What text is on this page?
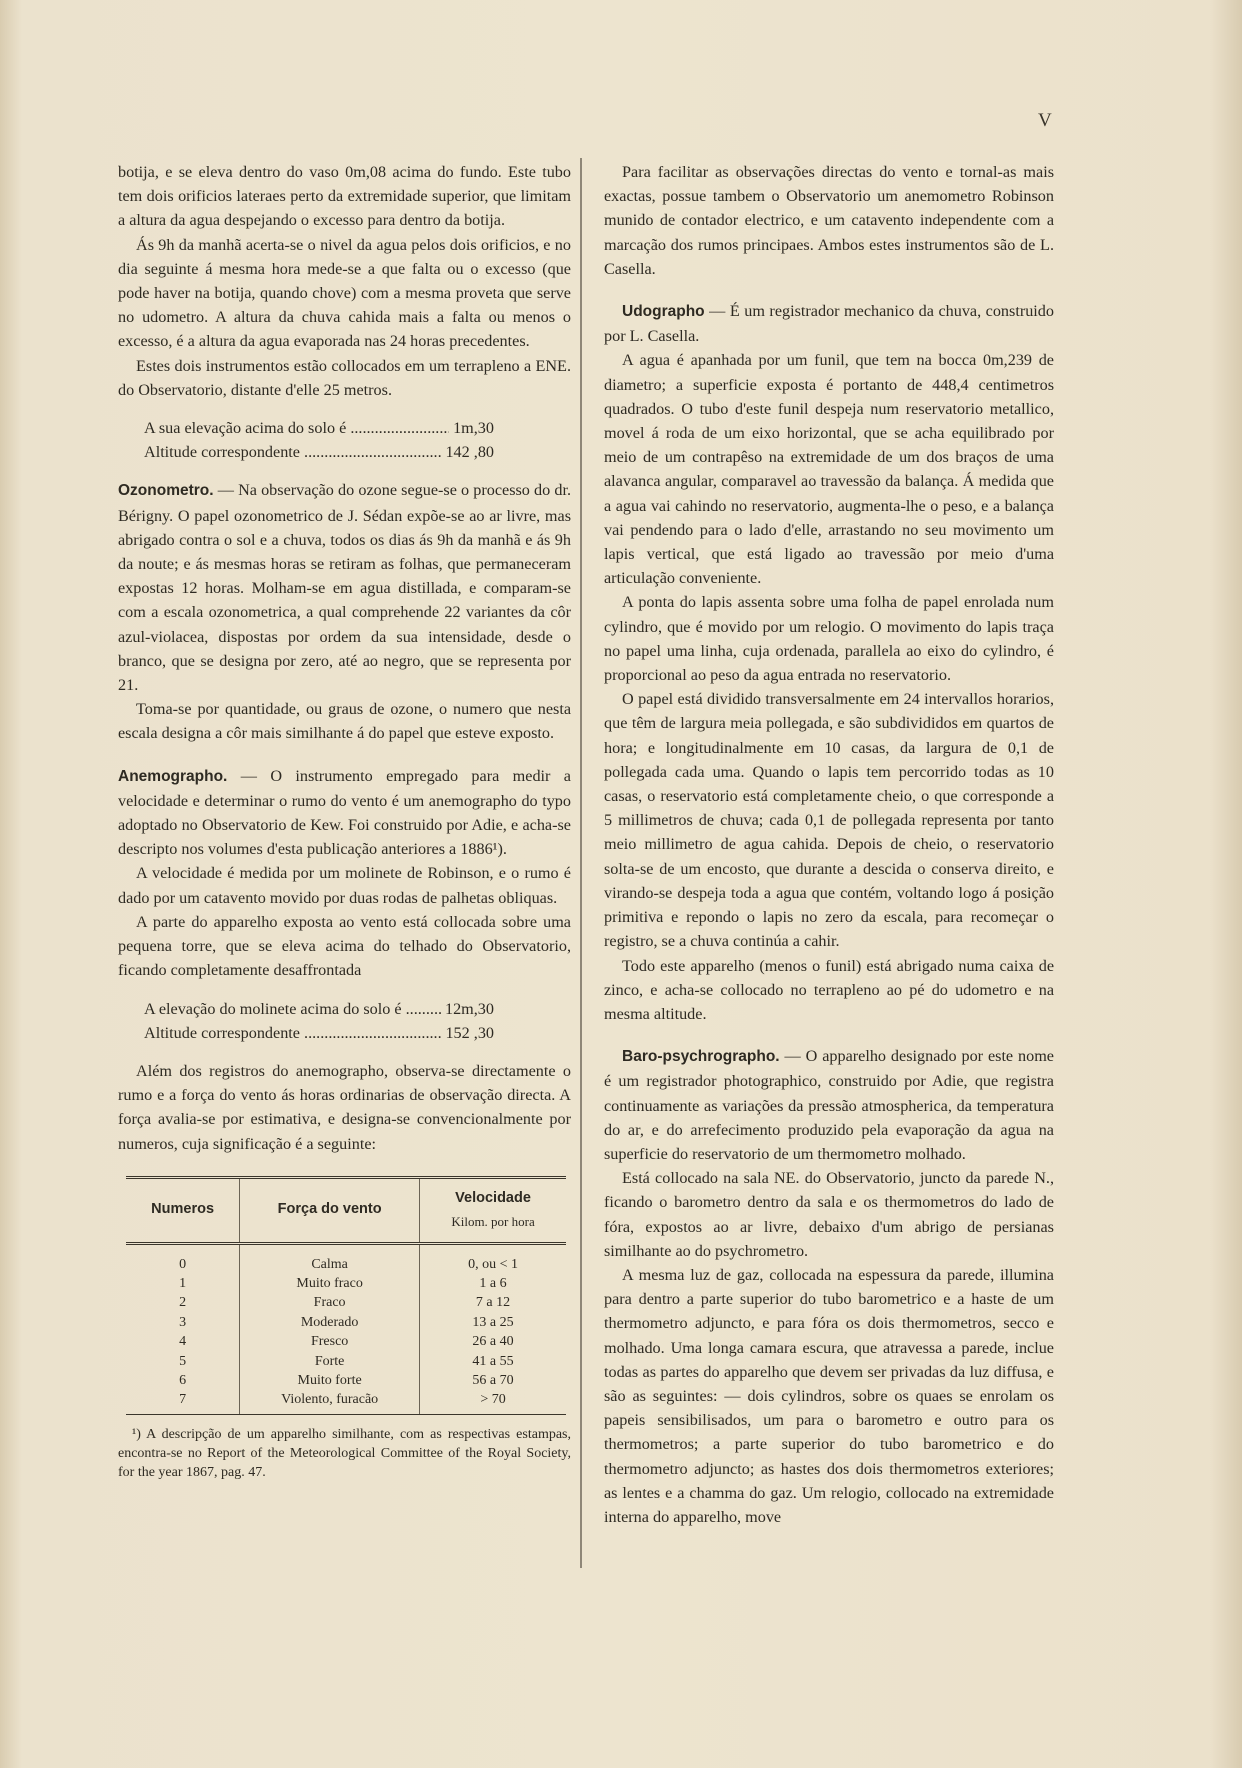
V

botija, e se eleva dentro do vaso 0m,08 acima do fundo. Este tubo tem dois orificios lateraes perto da extremidade superior, que limitam a altura da agua despejando o excesso para dentro da botija.

Ás 9h da manhã acerta-se o nivel da agua pelos dois orificios, e no dia seguinte á mesma hora mede-se a que falta ou o excesso (que pode haver na botija, quando chove) com a mesma proveta que serve no udometro. A altura da chuva cahida mais a falta ou menos o excesso, é a altura da agua evaporada nas 24 horas precedentes.

Estes dois instrumentos estão collocados em um terrapleno a ENE. do Observatorio, distante d'elle 25 metros.

A sua elevação acima do solo é .....	1m,30
Altitude correspondente .....	142 ,80

Ozonometro. — Na observação do ozone segue-se o processo do dr. Bérigny. O papel ozonometrico de J. Sédan expõe-se ao ar livre, mas abrigado contra o sol e a chuva, todos os dias ás 9h da manhã e ás 9h da noute; e ás mesmas horas se retiram as folhas, que permaneceram expostas 12 horas. Molham-se em agua distillada, e comparam-se com a escala ozonometrica, a qual comprehende 22 variantes da côr azul-violacea, dispostas por ordem da sua intensidade, desde o branco, que se designa por zero, até ao negro, que se representa por 21.

Toma-se por quantidade, ou graus de ozone, o numero que nesta escala designa a côr mais similhante á do papel que esteve exposto.

Anemographo. — O instrumento empregado para medir a velocidade e determinar o rumo do vento é um anemographo do typo adoptado no Observatorio de Kew. Foi construido por Adie, e acha-se descripto nos volumes d'esta publicação anteriores a 1886¹).

A velocidade é medida por um molinete de Robinson, e o rumo é dado por um catavento movido por duas rodas de palhetas obliquas.

A parte do apparelho exposta ao vento está collocada sobre uma pequena torre, que se eleva acima do telhado do Observatorio, ficando completamente desaffrontada

A elevação do molinete acima do solo é .....	12m,30
Altitude correspondente .....	152 ,30

Além dos registros do anemographo, observa-se directamente o rumo e a força do vento ás horas ordinarias de observação directa. A força avalia-se por estimativa, e designa-se convencionalmente por numeros, cuja significação é a seguinte:

Numeros	Força do vento	Velocidade
Kilom. por hora

0	Calma	0, ou < 1
1	Muito fraco	1 a 6
2	Fraco	7 a 12
3	Moderado	13 a 25
4	Fresco	26 a 40
5	Forte	41 a 55
6	Muito forte	56 a 70
7	Violento, furacão	> 70

¹) A descripção de um apparelho similhante, com as respectivas estampas, encontra-se no Report of the Meteorological Committee of the Royal Society, for the year 1867, pag. 47.

Para facilitar as observações directas do vento e tornal-as mais exactas, possue tambem o Observatorio um anemometro Robinson munido de contador electrico, e um catavento independente com a marcação dos rumos principaes. Ambos estes instrumentos são de L. Casella.

Udographo — É um registrador mechanico da chuva, construido por L. Casella.

A agua é apanhada por um funil, que tem na bocca 0m,239 de diametro; a superficie exposta é portanto de 448,4 centimetros quadrados. O tubo d'este funil despeja num reservatorio metallico, movel á roda de um eixo horizontal, que se acha equilibrado por meio de um contrapêso na extremidade de um dos braços de uma alavanca angular, comparavel ao travessão da balança. Á medida que a agua vai cahindo no reservatorio, augmenta-lhe o peso, e a balança vai pendendo para o lado d'elle, arrastando no seu movimento um lapis vertical, que está ligado ao travessão por meio d'uma articulação conveniente.

A ponta do lapis assenta sobre uma folha de papel enrolada num cylindro, que é movido por um relogio. O movimento do lapis traça no papel uma linha, cuja ordenada, parallela ao eixo do cylindro, é proporcional ao peso da agua entrada no reservatorio.

O papel está dividido transversalmente em 24 intervallos horarios, que têm de largura meia pollegada, e são subdivididos em quartos de hora; e longitudinalmente em 10 casas, da largura de 0,1 de pollegada cada uma. Quando o lapis tem percorrido todas as 10 casas, o reservatorio está completamente cheio, o que corresponde a 5 millimetros de chuva; cada 0,1 de pollegada representa por tanto meio millimetro de agua cahida. Depois de cheio, o reservatorio solta-se de um encosto, que durante a descida o conserva direito, e virando-se despeja toda a agua que contém, voltando logo á posição primitiva e repondo o lapis no zero da escala, para recomeçar o registro, se a chuva continúa a cahir.

Todo este apparelho (menos o funil) está abrigado numa caixa de zinco, e acha-se collocado no terrapleno ao pé do udometro e na mesma altitude.

Baro-psychrographo. — O apparelho designado por este nome é um registrador photographico, construido por Adie, que registra continuamente as variações da pressão atmospherica, da temperatura do ar, e do arrefecimento produzido pela evaporação da agua na superficie do reservatorio de um thermometro molhado.

Está collocado na sala NE. do Observatorio, juncto da parede N., ficando o barometro dentro da sala e os thermometros do lado de fóra, expostos ao ar livre, debaixo d'um abrigo de persianas similhante ao do psychrometro.

A mesma luz de gaz, collocada na espessura da parede, illumina para dentro a parte superior do tubo barometrico e a haste de um thermometro adjuncto, e para fóra os dois thermometros, secco e molhado. Uma longa camara escura, que atravessa a parede, inclue todas as partes do apparelho que devem ser privadas da luz diffusa, e são as seguintes: — dois cylindros, sobre os quaes se enrolam os papeis sensibilisados, um para o barometro e outro para os thermometros; a parte superior do tubo barometrico e do thermometro adjuncto; as hastes dos dois thermometros exteriores; as lentes e a chamma do gaz. Um relogio, collocado na extremidade interna do apparelho, move
